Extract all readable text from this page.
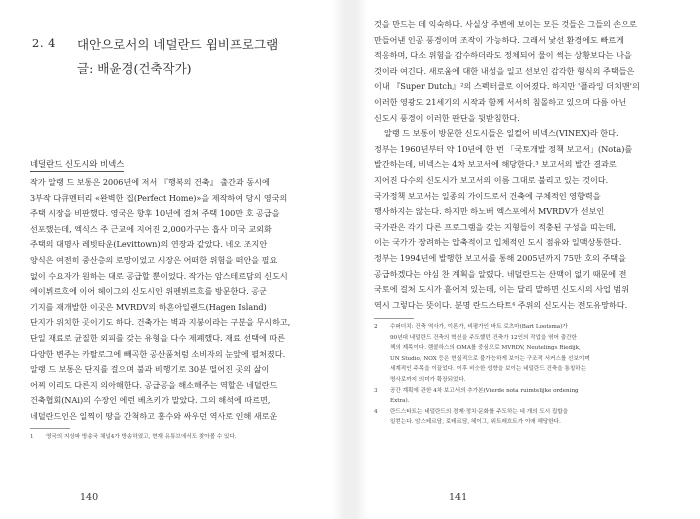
2. 4 대안으로서의 네덜란드 윔비프로그램
글: 배윤경(건축작가)
네덜란드 신도시와 비넥스
작가 알랭 드 보통은 2006년에 저서 『행복의 건축』 출간과 동시에
3부작 다큐멘터리 «완벽한 집(Perfect Home)»을 제작하여 당시 영국의
주택 시장을 비판했다. 영국은 향후 10년에 걸쳐 주택 100만 호 공급을
선포했는데, 엑식스 주 근교에 지어진 2,000가구는 흡사 미국 교외화
주택의 대명사 레빗타운(Levittown)의 연장과 같았다. 네오 조지안
양식은 여전히 중산층의 로망이었고 시장은 어떠한 위험을 떠안을 필요
없이 수요자가 원하는 대로 공급할 뿐이었다. 작가는 암스테르담의 신도시
에이뷔르흐에 이어 헤이그의 신도시인 위펜뷔르흐를 방문한다. 공군
기지를 재개발한 이곳은 MVRDV의 하흔아일랜드(Hagen Island)
단지가 위치한 곳이기도 하다. 건축가는 벽과 지붕이라는 구분을 무시하고,
단일 재료로 균질한 외피를 갖는 유형을 다수 제폐했다. 재료 선택에 따른
다양한 변주는 카탈로그에 빼곡한 공산품처럼 소비자의 눈앞에 펼쳐졌다.
알랭 드 보통은 단지를 걸으며 불과 비행기로 30분 떨어진 곳의 삶이
어찌 이리도 다른지 의아해한다. 공급공을 해소해주는 역할은 네덜란드
건축협회(NAi)의 수장인 에런 베츠키가 말았다. 그의 해석에 따르면,
네덜란드인은 일찍이 땅을 간척하고 홍수와 싸우던 역사로 인해 새로운
1	영국의 지상파 방송국 채널4가 방송하였고, 현재 유튜브에서도 찾아볼 수 있다.
140
것을 만드는 데 익숙하다. 사실상 주변에 보이는 모든 것들은 그들의 손으로
만들어낸 인공 풍경이며 조작이 가능하다. 그래서 낯선 환경에도 빠르게
적응하며, 다소 위험을 감수하더라도 정체되어 물이 썩는 상황보다는 나을
것이라 여긴다. 새로움에 대한 내성을 일고 선보인 감각한 형식의 주택들은
이내 『Super Dutch』²의 스펙터클로 이어졌다. 하지만 '플라잉 더치맨'의
이러한 영광도 21세기의 시작과 함께 서서히 침몰하고 있으며 다름 아닌
신도시 풍경이 이러한 판단을 뒷받침한다.
알랭 드 보통이 방문한 신도시들은 일컬어 비넥스(VINEX)라 한다.
정부는 1960년부터 약 10년에 한 번 「국토개발 정책 보고서」(Nota)를
발간하는데, 비넥스는 4차 보고서에 해당한다.³ 보고서의 발간 결과로
지어진 다수의 신도시가 보고서의 이름 그대로 불리고 있는 것이다.
국가정책 보고서는 일종의 가이드로서 건축에 구체적인 영향력을
행사하지는 않는다. 하지만 하노버 엑스포에서 MVRDV가 선보인
국가관은 각기 다른 프로그램을 갖는 지형들이 적충된 구성을 띠는데,
이는 국가가 장려하는 압축적이고 입체적인 도시 점유와 일맥상통한다.
정부는 1994년에 발행한 보고서를 통해 2005년까지 75만 호의 주택을
공급하겠다는 야심 찬 계획을 알렸다. 네덜란드는 산맥이 없기 때문에 전
국토에 걸쳐 도시가 흩어져 있는데, 이는 달리 말하면 신도시의 사업 범위
역시 그렇다는 뜻이다. 분명 란드스타트⁴ 주위의 신도시는 전도유망하다.
2	수퍼더치: 건축 역사가, 이론가, 비평가인 바트 로츠마(Bart Lootsma)가
90년대 네덜란드 건축의 혁신을 주도했던 건축가 12인의 작업을 엮어 출간한
책의 제목이다. 렘콜하스의 OMA를 중심으로 MVRDV, Neutelings Riedijk,
UN Studio, NOX 등은 현실적으로 불가능하게 보이는 구조적 서커스를 선보이며
세계적인 주목을 이끌었다. 이후 비슷한 성향을 보이는 네덜란드 건축을 통칭하는
명사로까지 의미가 확장되었다.
3	공간 계획에 관한 4차 보고서의 추가본(Vierde nota ruimtelijke ordening
Extra).
4	란드스타트는 네덜란드의 경제·정치·문화를 주도하는 네 개의 도시 집합을
일컫는다. 암스테르담, 로테르담, 헤이그, 위트레흐트가 이에 해당한다.
141
